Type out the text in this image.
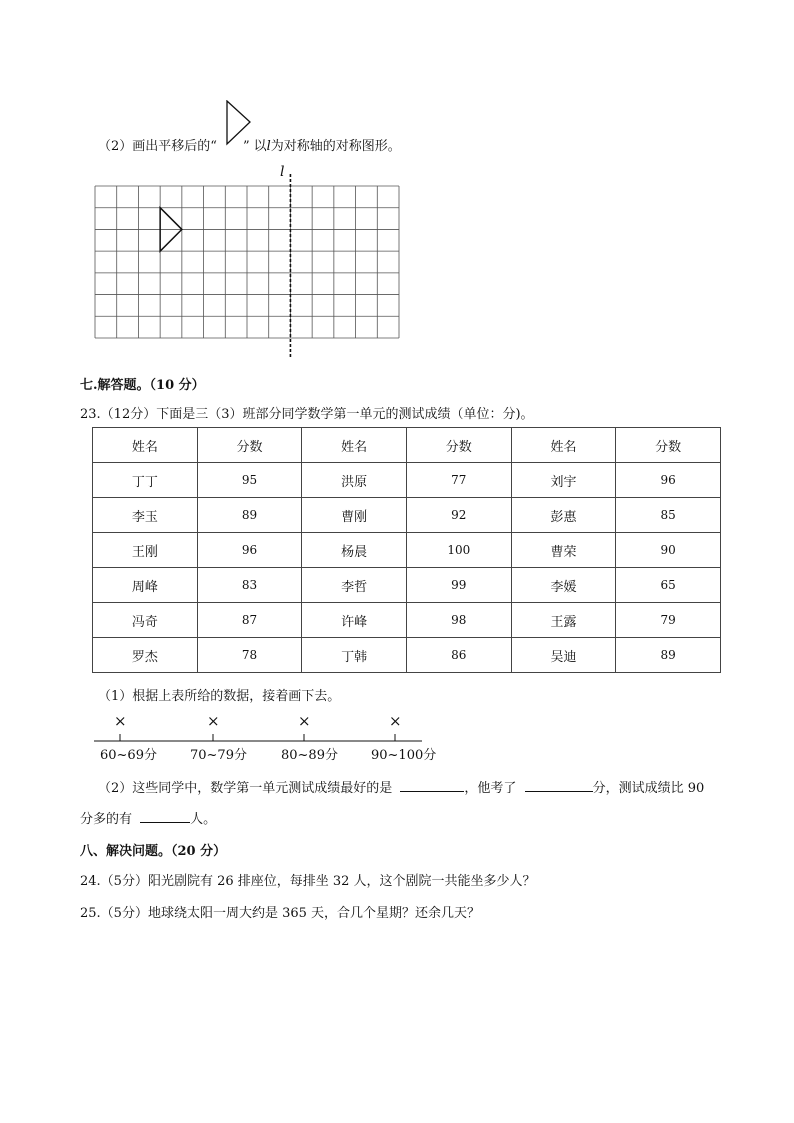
（2）画出平移后的“ ” 以l为对称轴的对称图形。
l
七.解答题。（10 分）
23.（12分）下面是三（3）班部分同学数学第一单元的测试成绩（单位：分)。
姓名	分数	姓名	分数	姓名	分数
丁丁	95	洪原	77	刘宇	96
李玉	89	曹刚	92	彭惠	85
王刚	96	杨晨	100	曹荣	90
周峰	83	李哲	99	李媛	65
冯奇	87	许峰	98	王露	79
罗杰	78	丁韩	86	吴迪	89
（1）根据上表所给的数据，接着画下去。
×	×	×	×
60~69分	70~79分	80~89分	90~100分
（2）这些同学中，数学第一单元测试成绩最好的是	，他考了	分，测试成绩比 90
分多的有	人。
八、解决问题。（20 分）
24.（5分）阳光剧院有 26 排座位，每排坐 32 人，这个剧院一共能坐多少人？
25.（5分）地球绕太阳一周大约是 365 天，合几个星期？还余几天？
